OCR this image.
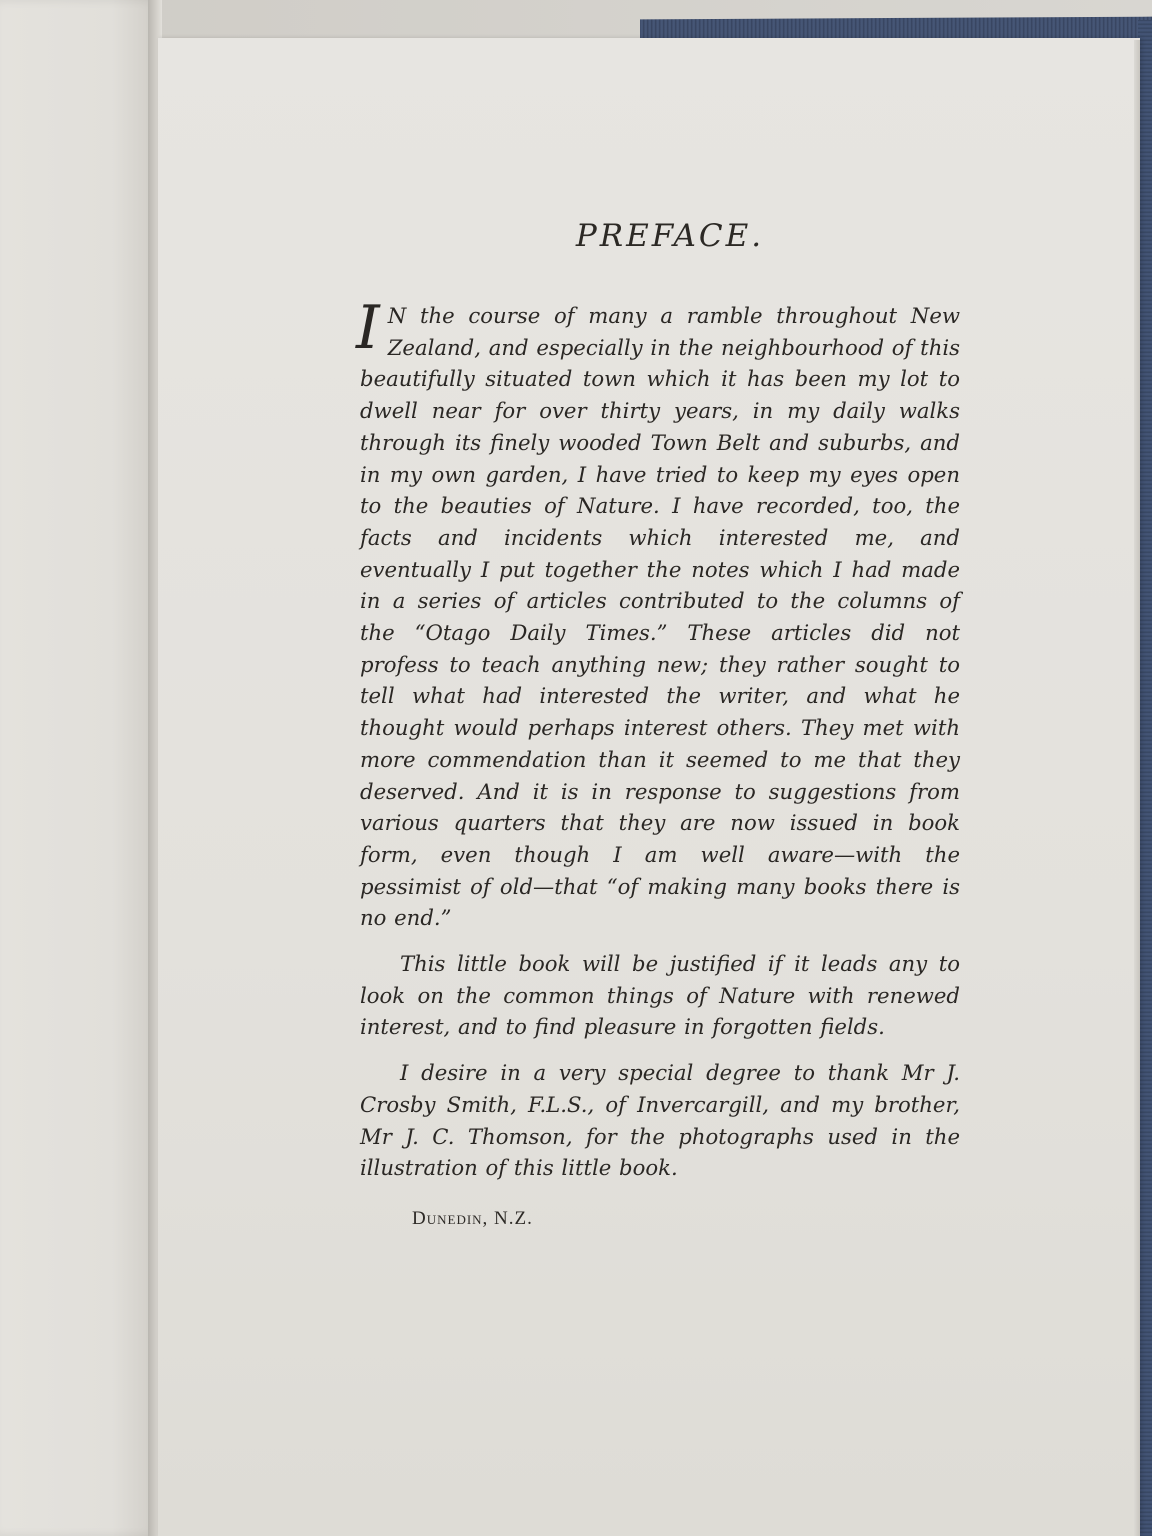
PREFACE.

I N the course of many a ramble throughout New Zealand, and especially in the neighbourhood of this beautifully situated town which it has been my lot to dwell near for over thirty years, in my daily walks through its finely wooded Town Belt and suburbs, and in my own garden, I have tried to keep my eyes open to the beauties of Nature. I have recorded, too, the facts and incidents which interested me, and eventually I put together the notes which I had made in a series of articles contributed to the columns of the “Otago Daily Times.” These articles did not profess to teach anything new; they rather sought to tell what had interested the writer, and what he thought would perhaps interest others. They met with more commendation than it seemed to me that they deserved. And it is in response to suggestions from various quarters that they are now issued in book form, even though I am well aware—with the pessimist of old—that “of making many books there is no end.”

This little book will be justified if it leads any to look on the common things of Nature with renewed interest, and to find pleasure in forgotten fields.

I desire in a very special degree to thank Mr J. Crosby Smith, F.L.S., of Invercargill, and my brother, Mr J. C. Thomson, for the photographs used in the illustration of this little book.

Dunedin, N.Z.
